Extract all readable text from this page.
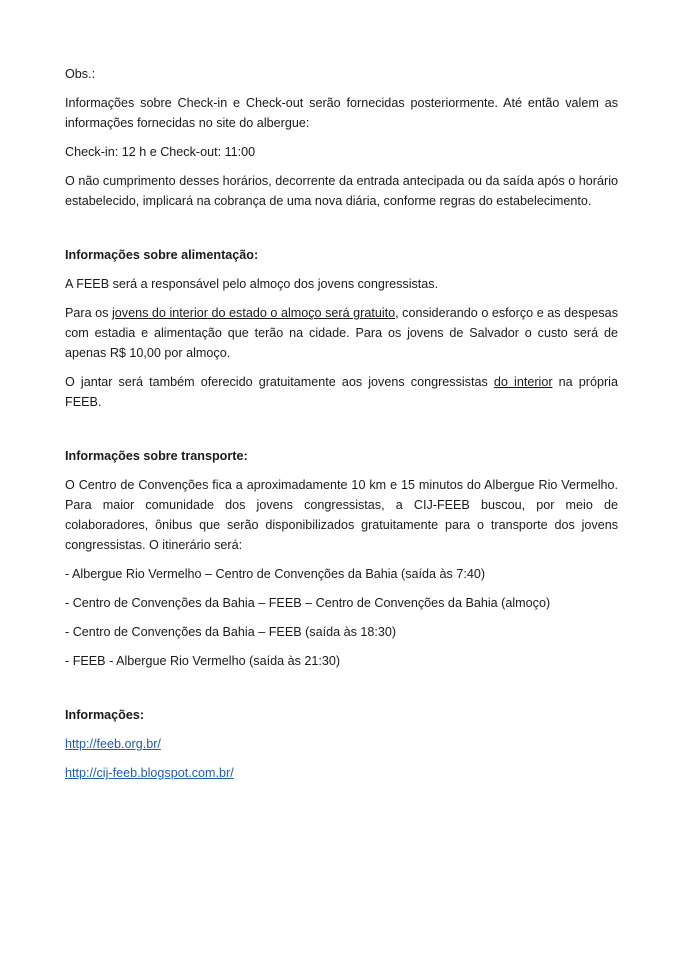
Obs.:

Informações sobre Check-in e Check-out serão fornecidas posteriormente. Até então valem as informações fornecidas no site do albergue:

Check-in: 12 h e Check-out: 11:00

O não cumprimento desses horários, decorrente da entrada antecipada ou da saída após o horário estabelecido, implicará na cobrança de uma nova diária, conforme regras do estabelecimento.

Informações sobre alimentação:

A FEEB será a responsável pelo almoço dos jovens congressistas.

Para os jovens do interior do estado o almoço será gratuito, considerando o esforço e as despesas com estadia e alimentação que terão na cidade. Para os jovens de Salvador o custo será de apenas R$ 10,00 por almoço.

O jantar será também oferecido gratuitamente aos jovens congressistas do interior na própria FEEB.

Informações sobre transporte:

O Centro de Convenções fica a aproximadamente 10 km e 15 minutos do Albergue Rio Vermelho. Para maior comunidade dos jovens congressistas, a CIJ-FEEB buscou, por meio de colaboradores, ônibus que serão disponibilizados gratuitamente para o transporte dos jovens congressistas. O itinerário será:

- Albergue Rio Vermelho – Centro de Convenções da Bahia (saída às 7:40)
- Centro de Convenções da Bahia – FEEB – Centro de Convenções da Bahia (almoço)
- Centro de Convenções da Bahia – FEEB (saída às 18:30)
- FEEB - Albergue Rio Vermelho (saída às 21:30)

Informações:

http://feeb.org.br/
http://cij-feeb.blogspot.com.br/
